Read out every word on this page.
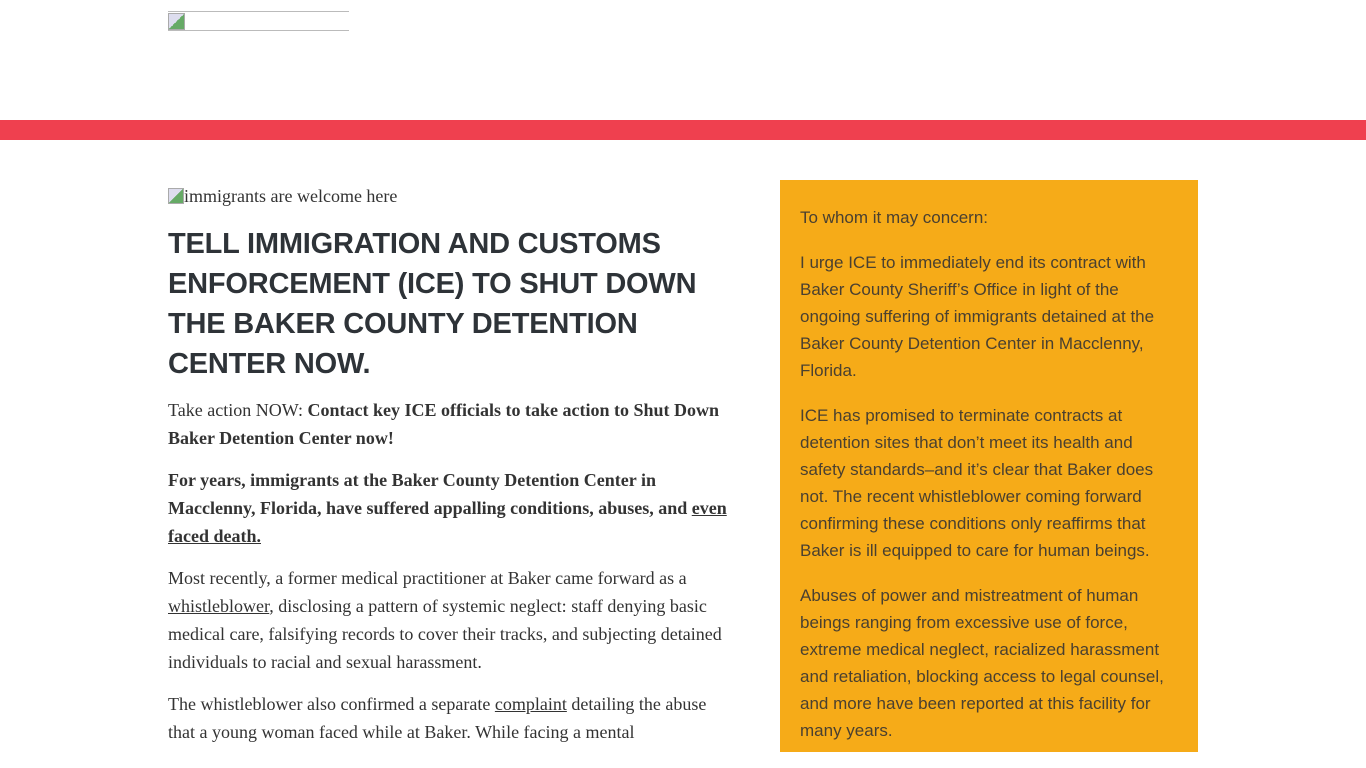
immigrants are welcome here
TELL IMMIGRATION AND CUSTOMS ENFORCEMENT (ICE) TO SHUT DOWN THE BAKER COUNTY DETENTION CENTER NOW.

Take action NOW: Contact key ICE officials to take action to Shut Down Baker Detention Center now!

For years, immigrants at the Baker County Detention Center in Macclenny, Florida, have suffered appalling conditions, abuses, and even faced death.

Most recently, a former medical practitioner at Baker came forward as a whistleblower, disclosing a pattern of systemic neglect: staff denying basic medical care, falsifying records to cover their tracks, and subjecting detained individuals to racial and sexual harassment.

The whistleblower also confirmed a separate complaint detailing the abuse that a young woman faced while at Baker. While facing a mental

To whom it may concern:

I urge ICE to immediately end its contract with Baker County Sheriff’s Office in light of the ongoing suffering of immigrants detained at the Baker County Detention Center in Macclenny, Florida.

ICE has promised to terminate contracts at detention sites that don’t meet its health and safety standards–and it’s clear that Baker does not. The recent whistleblower coming forward confirming these conditions only reaffirms that Baker is ill equipped to care for human beings.

Abuses of power and mistreatment of human beings ranging from excessive use of force, extreme medical neglect, racialized harassment and retaliation, blocking access to legal counsel, and more have been reported at this facility for many years.
